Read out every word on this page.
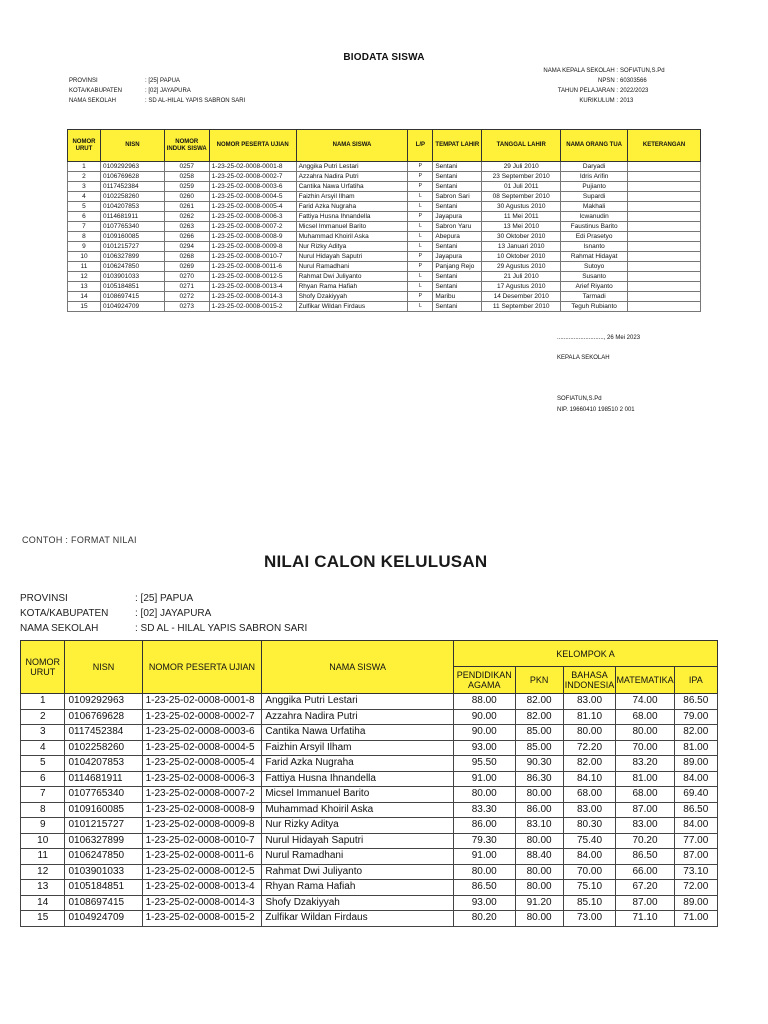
BIODATA SISWA
PROVINSI	: [25] PAPUA
KOTA/KABUPATEN	: [02] JAYAPURA
NAMA SEKOLAH	: SD AL-HILAL YAPIS SABRON SARI
NAMA KEPALA SEKOLAH : SOFIATUN,S.Pd
NPSN : 60303566
TAHUN PELAJARAN : 2022/2023
KURIKULUM : 2013
NOMOR URUT	NISN	NOMOR INDUK SISWA	NOMOR PESERTA UJIAN	NAMA SISWA	L/P	TEMPAT LAHIR	TANGGAL LAHIR	NAMA ORANG TUA	KETERANGAN
1	0109292963	0257	1-23-25-02-0008-0001-8	Anggika Putri Lestari	P	Sentani	29 Juli 2010	Daryadi	
2	0106769628	0258	1-23-25-02-0008-0002-7	Azzahra Nadira Putri	P	Sentani	23 September 2010	Idris Arifin	
3	0117452384	0259	1-23-25-02-0008-0003-6	Cantika Nawa Urfatiha	P	Sentani	01 Juli 2011	Pujianto	
4	0102258260	0260	1-23-25-02-0008-0004-5	Faizhin Arsyil Ilham	L	Sabron Sari	08 September 2010	Supardi	
5	0104207853	0261	1-23-25-02-0008-0005-4	Farid Azka Nugraha	L	Sentani	30 Agustus 2010	Makhali	
6	0114681911	0262	1-23-25-02-0008-0006-3	Fattiya Husna Ihnandella	P	Jayapura	11 Mei 2011	Icwanudin	
7	0107765340	0263	1-23-25-02-0008-0007-2	Micsel Immanuel Barito	L	Sabron Yaru	13 Mei 2010	Faustinus Barito	
8	0109160085	0266	1-23-25-02-0008-0008-9	Muhammad Khoiril Aska	L	Abepura	30 Oktober 2010	Edi Prasetyo	
9	0101215727	0294	1-23-25-02-0008-0009-8	Nur Rizky Aditya	L	Sentani	13 Januari 2010	Isnanto	
10	0106327899	0268	1-23-25-02-0008-0010-7	Nurul Hidayah Saputri	P	Jayapura	10 Oktober 2010	Rahmat Hidayat	
11	0106247850	0269	1-23-25-02-0008-0011-6	Nurul Ramadhani	P	Panjang Rejo	29 Agustus 2010	Sutoyo	
12	0103901033	0270	1-23-25-02-0008-0012-5	Rahmat Dwi Juliyanto	L	Sentani	21 Juli 2010	Susanto	
13	0105184851	0271	1-23-25-02-0008-0013-4	Rhyan Rama Hafiah	L	Sentani	17 Agustus 2010	Arief Riyanto	
14	0108697415	0272	1-23-25-02-0008-0014-3	Shofy Dzakiyyah	P	Maribu	14 Desember 2010	Tarmadi	
15	0104924709	0273	1-23-25-02-0008-0015-2	Zulfikar Wildan Firdaus	L	Sentani	11 September 2010	Teguh Rubianto	
............................, 26 Mei 2023
KEPALA SEKOLAH
SOFIATUN,S.Pd
NIP. 19660410 198510 2 001
CONTOH : FORMAT NILAI
NILAI CALON KELULUSAN
PROVINSI	: [25] PAPUA
KOTA/KABUPATEN	: [02] JAYAPURA
NAMA SEKOLAH	: SD AL - HILAL YAPIS SABRON SARI
NOMOR URUT	NISN	NOMOR PESERTA UJIAN	NAMA SISWA	KELOMPOK A				
				PENDIDIKAN AGAMA	PKN	BAHASA INDONESIA	MATEMATIKA	IPA
1	0109292963	1-23-25-02-0008-0001-8	Anggika Putri Lestari	88.00	82.00	83.00	74.00	86.50
2	0106769628	1-23-25-02-0008-0002-7	Azzahra Nadira Putri	90.00	82.00	81.10	68.00	79.00
3	0117452384	1-23-25-02-0008-0003-6	Cantika Nawa Urfatiha	90.00	85.00	80.00	80.00	82.00
4	0102258260	1-23-25-02-0008-0004-5	Faizhin Arsyil Ilham	93.00	85.00	72.20	70.00	81.00
5	0104207853	1-23-25-02-0008-0005-4	Farid Azka Nugraha	95.50	90.30	82.00	83.20	89.00
6	0114681911	1-23-25-02-0008-0006-3	Fattiya Husna Ihnandella	91.00	86.30	84.10	81.00	84.00
7	0107765340	1-23-25-02-0008-0007-2	Micsel Immanuel Barito	80.00	80.00	68.00	68.00	69.40
8	0109160085	1-23-25-02-0008-0008-9	Muhammad Khoiril Aska	83.30	86.00	83.00	87.00	86.50
9	0101215727	1-23-25-02-0008-0009-8	Nur Rizky Aditya	86.00	83.10	80.30	83.00	84.00
10	0106327899	1-23-25-02-0008-0010-7	Nurul Hidayah Saputri	79.30	80.00	75.40	70.20	77.00
11	0106247850	1-23-25-02-0008-0011-6	Nurul Ramadhani	91.00	88.40	84.00	86.50	87.00
12	0103901033	1-23-25-02-0008-0012-5	Rahmat Dwi Juliyanto	80.00	80.00	70.00	66.00	73.10
13	0105184851	1-23-25-02-0008-0013-4	Rhyan Rama Hafiah	86.50	80.00	75.10	67.20	72.00
14	0108697415	1-23-25-02-0008-0014-3	Shofy Dzakiyyah	93.00	91.20	85.10	87.00	89.00
15	0104924709	1-23-25-02-0008-0015-2	Zulfikar Wildan Firdaus	80.20	80.00	73.00	71.10	71.00
